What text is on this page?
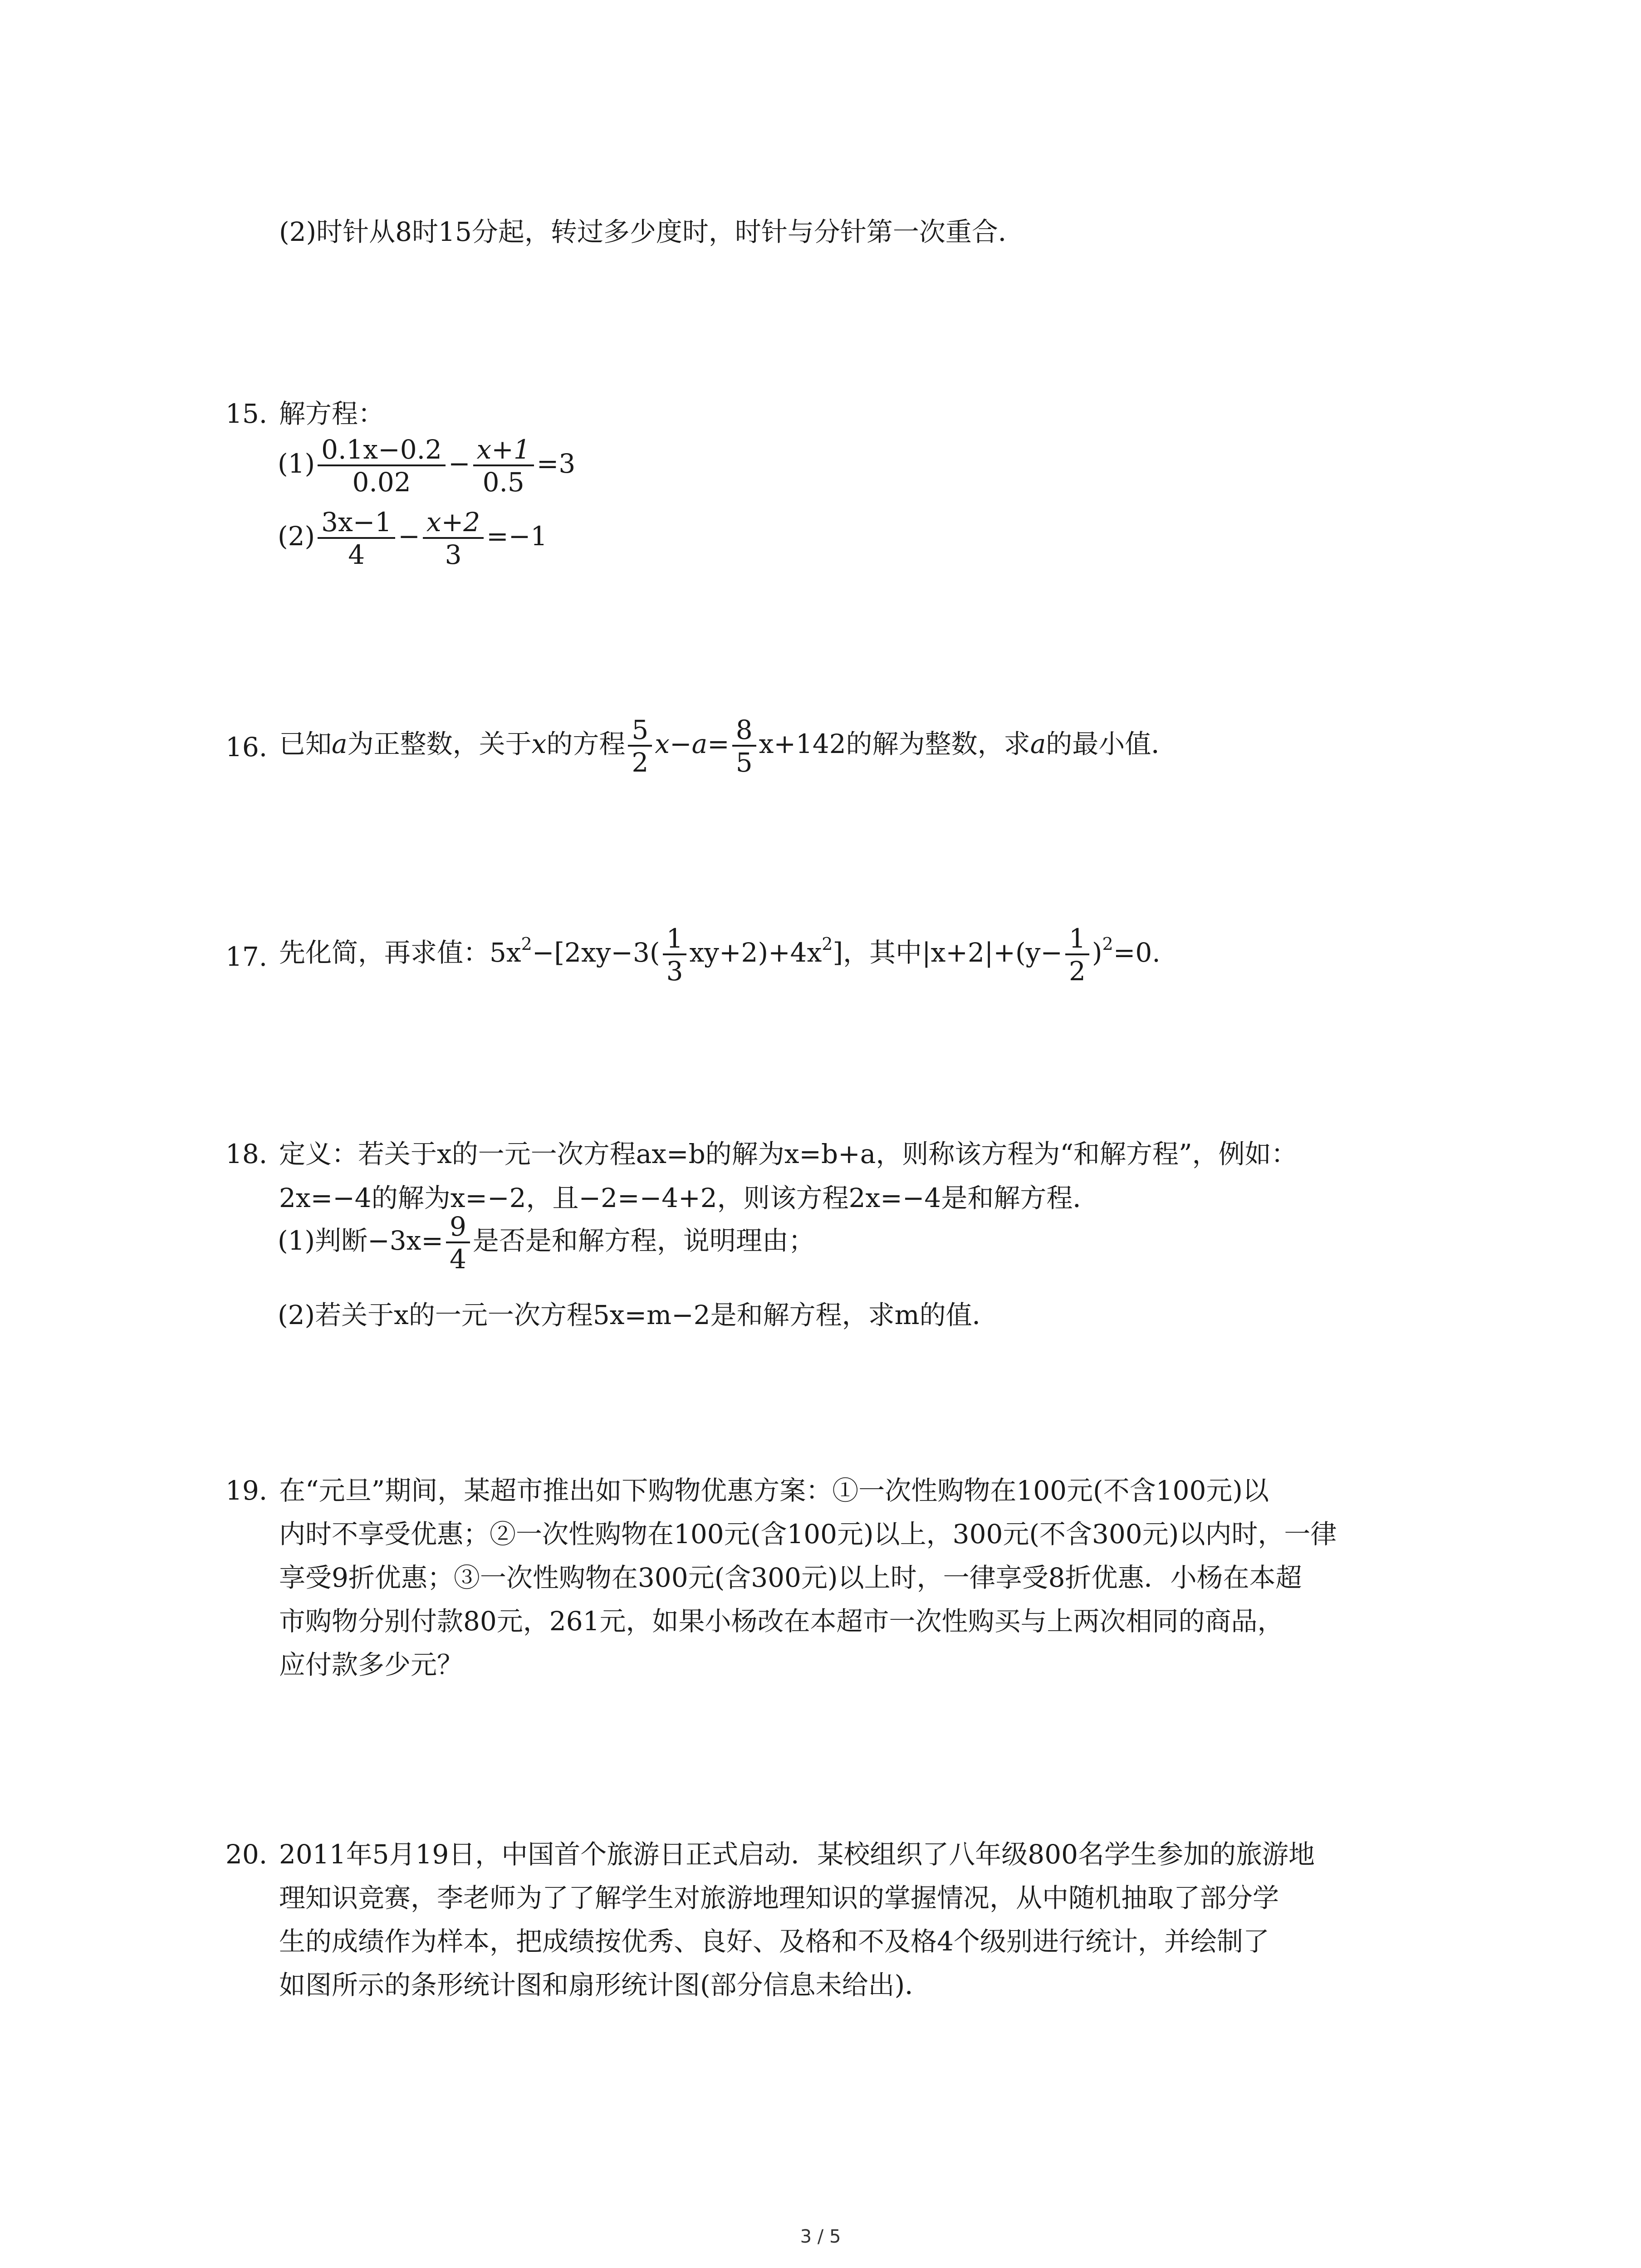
(2)时针从8时15分起，转过多少度时，时针与分针第一次重合．
15. 解方程：
$(1) \frac{0.1x-0.2}{0.02} - \frac{x+1}{0.5} =3$
$(2) \frac{3x-1}{4} - \frac{x+2}{3} =-1$
16. 已知a为正整数，关于x的方程 $\frac{5}{2} x-a= \frac{8}{5} x+142$的解为整数，求a的最小值．
17. 先化简，再求值：$5x^2-[2xy-3( \frac{1}{3} xy+2)+4x^2]$，其中$|x+2|+(y- \frac{1}{2} )^2=0$.
18. 定义：若关于x的一元一次方程ax=b的解为x=b+a，则称该方程为“和解方程”，例如：
2x=−4的解为x=−2，且−2=−4+2，则该方程2x=−4是和解方程．
(1)判断$-3x= \frac{9}{4}$ 是否是和解方程，说明理由；
(2)若关于x的一元一次方程5x=m−2是和解方程，求m的值．
19. 在“元旦”期间，某超市推出如下购物优惠方案：①一次性购物在100元(不含100元)以
内时不享受优惠；②一次性购物在100元(含100元)以上，300元(不含300元)以内时，一律
享受9折优惠；③一次性购物在300元(含300元)以上时，一律享受8折优惠．小杨在本超
市购物分别付款80元，261元，如果小杨改在本超市一次性购买与上两次相同的商品，
应付款多少元？
20. 2011年5月19日，中国首个旅游日正式启动．某校组织了八年级800名学生参加的旅游地
理知识竞赛，李老师为了了解学生对旅游地理知识的掌握情况，从中随机抽取了部分学
生的成绩作为样本，把成绩按优秀、良好、及格和不及格4个级别进行统计，并绘制了
如图所示的条形统计图和扇形统计图(部分信息未给出)．
3 / 5
